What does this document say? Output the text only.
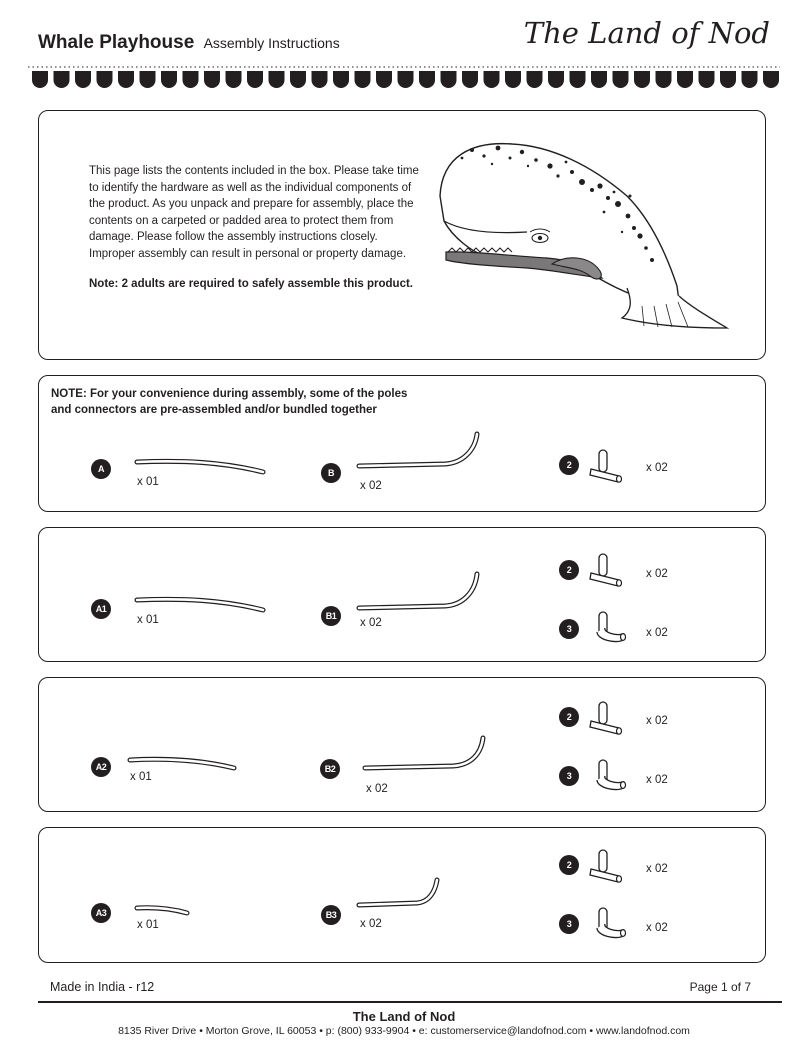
Whale Playhouse Assembly Instructions	The Land of Nod

This page lists the contents included in the box. Please take time to identify the hardware as well as the individual components of the product. As you unpack and prepare for assembly, place the contents on a carpeted or padded area to protect them from damage. Please follow the assembly instructions closely. Improper assembly can result in personal or property damage.

Note: 2 adults are required to safely assemble this product.

NOTE: For your convenience during assembly, some of the poles and connectors are pre-assembled and/or bundled together
A
x 01
B
x 02
2	x 02
A1
x 01	B1
x 02
2	x 02
3	x 02
A2
x 01
B2
x 02
2	x 02
3	x 02
A3
x 01
B3
x 02
2	x 02
3	x 02
Made in India - r12	Page 1 of 7
The Land of Nod
8135 River Drive • Morton Grove, IL 60053 • p: (800) 933-9904 • e: customerservice@landofnod.com • www.landofnod.com
